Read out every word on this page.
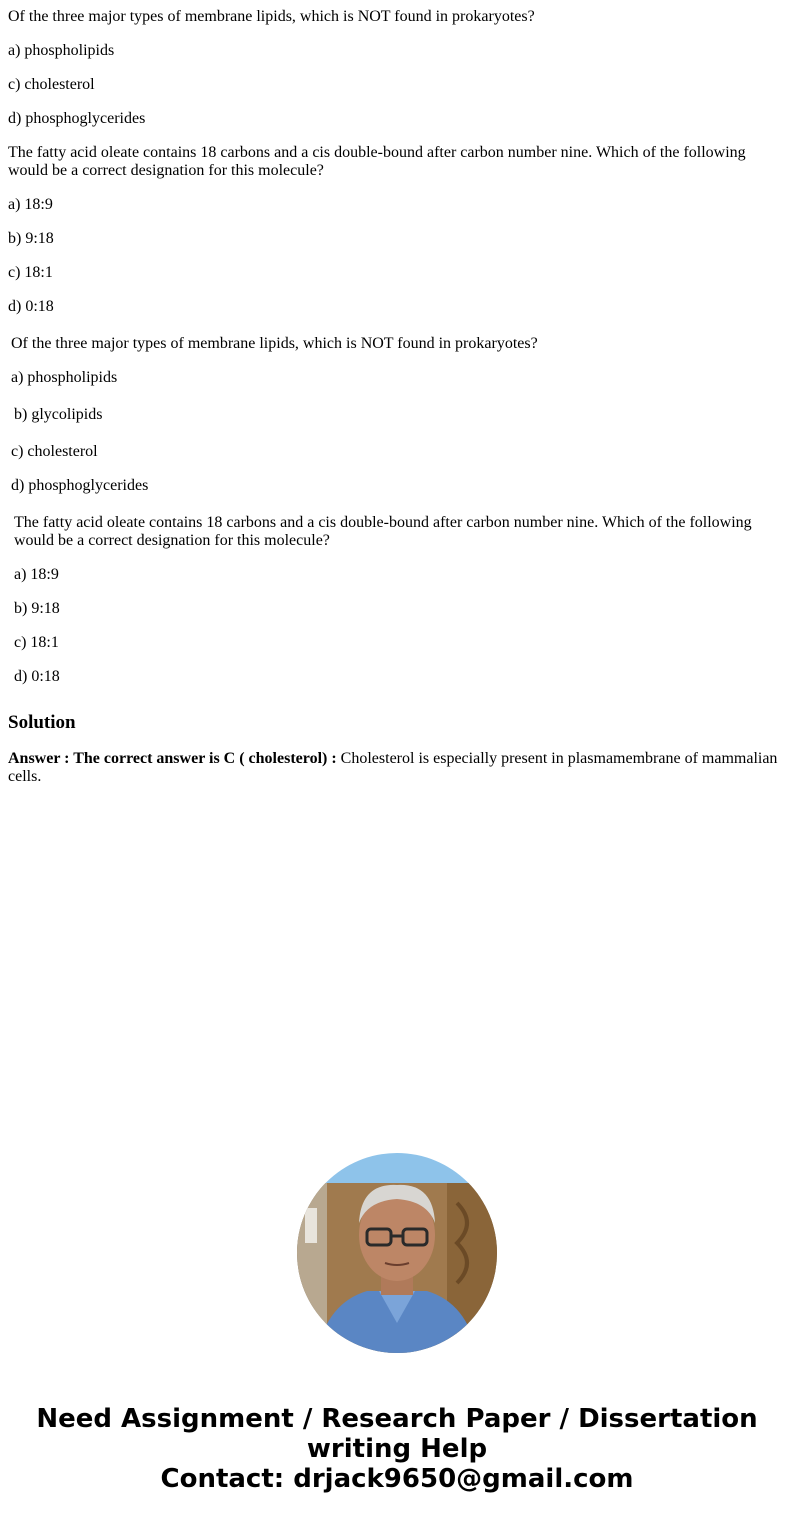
Of the three major types of membrane lipids, which is NOT found in prokaryotes?

a) phospholipids

c) cholesterol

d) phosphoglycerides

The fatty acid oleate contains 18 carbons and a cis double-bound after carbon number nine. Which of the following would be a correct designation for this molecule?

a) 18:9

b) 9:18

c) 18:1

d) 0:18

Of the three major types of membrane lipids, which is NOT found in prokaryotes?

a) phospholipids

b) glycolipids

c) cholesterol

d) phosphoglycerides

The fatty acid oleate contains 18 carbons and a cis double-bound after carbon number nine. Which of the following would be a correct designation for this molecule?

a) 18:9

b) 9:18

c) 18:1

d) 0:18

Solution

Answer : The correct answer is C ( cholesterol) : Cholesterol is especially present in plasmamembrane of mammalian cells.

Need Assignment / Research Paper / Dissertation
writing Help
Contact: drjack9650@gmail.com
